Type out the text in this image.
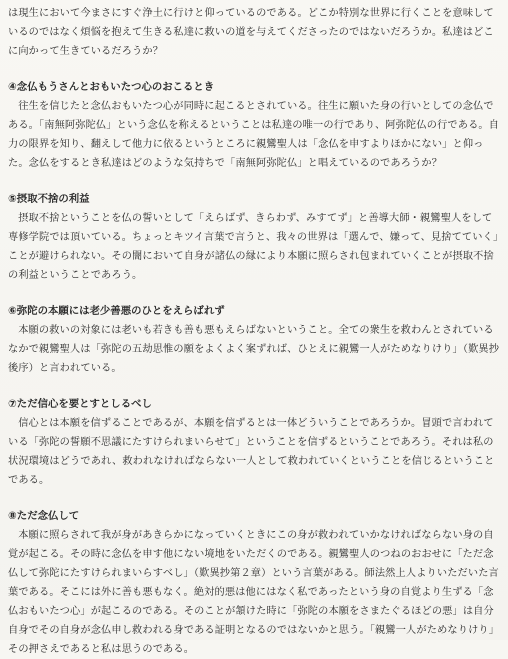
は現生において今まさにすぐ浄土に行けと仰っているのである。どこか特別な世界に行くことを意味しているのではなく煩悩を抱えて生きる私達に救いの道を与えてくださったのではないだろうか。私達はどこに向かって生きているだろうか？

④念仏もうさんとおもいたつ心のおこるとき

往生を信じたと念仏おもいたつ心が同時に起こるとされている。往生に願いた身の行いとしての念仏である。「南無阿弥陀仏」という念仏を称えるということは私達の唯一の行であり、阿弥陀仏の行である。自力の限界を知り、翻えして他力に依るというところに親鸞聖人は「念仏を申すよりほかにない」と仰った。念仏をするとき私達はどのような気持ちで「南無阿弥陀仏」と唱えているのであろうか？

⑤摂取不捨の利益

摂取不捨ということを仏の誓いとして「えらばず、きらわず、みすてず」と善導大師・親鸞聖人をして専修学院では頂いている。ちょっとキツイ言葉で言うと、我々の世界は「選んで、嫌って、見捨てていく」ことが避けられない。その闇において自身が諸仏の縁により本願に照らされ包まれていくことが摂取不捨の利益ということであろう。

⑥弥陀の本願には老少善悪のひとをえらばれず

本願の救いの対象には老いも若きも善も悪もえらばないということ。全ての衆生を救わんとされているなかで親鸞聖人は「弥陀の五劫思惟の願をよくよく案ずれば、ひとえに親鸞一人がためなりけり」（歎異抄後序）と言われている。

⑦ただ信心を要とすとしるべし

信心とは本願を信ずることであるが、本願を信ずるとは一体どういうことであろうか。冒頭で言われている「弥陀の誓願不思議にたすけられまいらせて」ということを信ずるということであろう。それは私の状況環境はどうであれ、救われなければならない一人として救われていくということを信じるということである。

⑧ただ念仏して

本願に照らされて我が身があきらかになっていくときにこの身が救われていかなければならない身の自覚が起こる。その時に念仏を申す他にない境地をいただくのである。親鸞聖人のつねのおおせに「ただ念仏して弥陀にたすけられまいらすべし」（歎異抄第２章）という言葉がある。師法然上人よりいただいた言葉である。そこには外に善も悪もなく。絶対的悪は他にはなく私であったという身の自覚より生ずる「念仏おもいたつ心」が起こるのである。そのことが頷けた時に「弥陀の本願をさまたぐるほどの悪」は自分自身でその自身が念仏申し救われる身である証明となるのではないかと思う。「親鸞一人がためなりけり」その押さえであると私は思うのである。
